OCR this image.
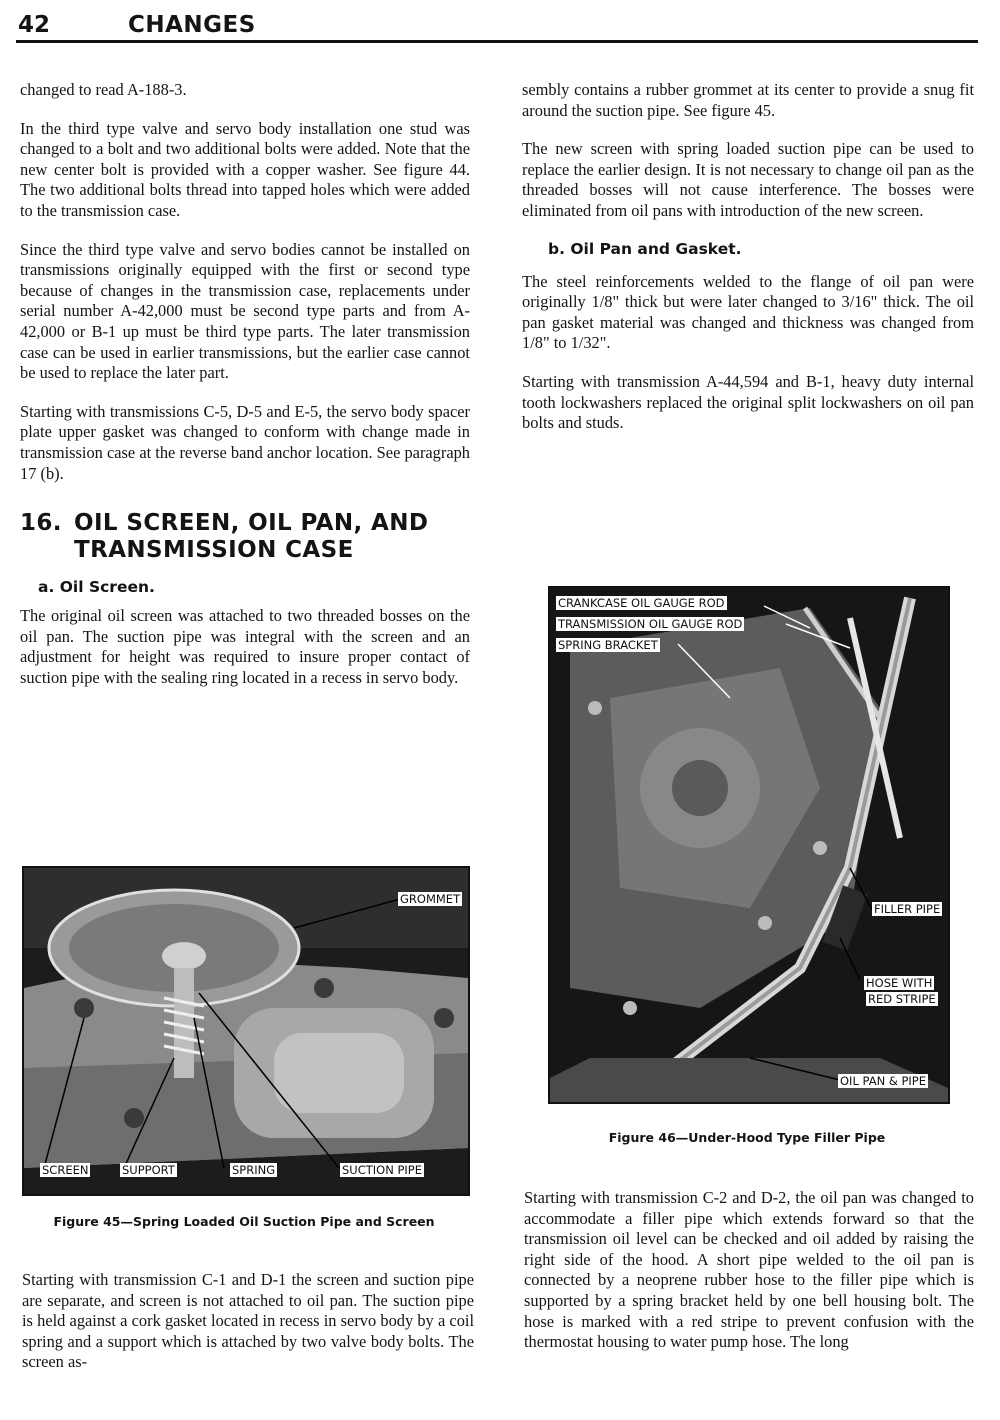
42	CHANGES

changed to read A-188-3.

In the third type valve and servo body installation one stud was changed to a bolt and two additional bolts were added. Note that the new center bolt is provided with a copper washer. See figure 44. The two additional bolts thread into tapped holes which were added to the transmission case.

Since the third type valve and servo bodies cannot be installed on transmissions originally equipped with the first or second type because of changes in the transmission case, replacements under serial number A-42,000 must be second type parts and from A-42,000 or B-1 up must be third type parts. The later transmission case can be used in earlier transmissions, but the earlier case cannot be used to replace the later part.

Starting with transmissions C-5, D-5 and E-5, the servo body spacer plate upper gasket was changed to conform with change made in transmission case at the reverse band anchor location. See paragraph 17 (b).

16. OIL SCREEN, OIL PAN, AND
TRANSMISSION CASE
a. Oil Screen.

The original oil screen was attached to two threaded bosses on the oil pan. The suction pipe was integral with the screen and an adjustment for height was required to insure proper contact of suction pipe with the sealing ring located in a recess in servo body.

GROMMET
SCREEN	SUPPORT	SPRING	SUCTION PIPE
Figure 45—Spring Loaded Oil Suction Pipe and Screen

Starting with transmission C-1 and D-1 the screen and suction pipe are separate, and screen is not attached to oil pan. The suction pipe is held against a cork gasket located in recess in servo body by a coil spring and a support which is attached by two valve body bolts. The screen as-

sembly contains a rubber grommet at its center to provide a snug fit around the suction pipe. See figure 45.

The new screen with spring loaded suction pipe can be used to replace the earlier design. It is not necessary to change oil pan as the threaded bosses will not cause interference. The bosses were eliminated from oil pans with introduction of the new screen.

b. Oil Pan and Gasket.

The steel reinforcements welded to the flange of oil pan were originally 1/8" thick but were later changed to 3/16" thick. The oil pan gasket material was changed and thickness was changed from 1/8" to 1/32".

Starting with transmission A-44,594 and B-1, heavy duty internal tooth lockwashers replaced the original split lockwashers on oil pan bolts and studs.

CRANKCASE OIL GAUGE ROD
TRANSMISSION OIL GAUGE ROD
SPRING BRACKET
FILLER PIPE
HOSE WITH
RED STRIPE
OIL PAN & PIPE
Figure 46—Under-Hood Type Filler Pipe

Starting with transmission C-2 and D-2, the oil pan was changed to accommodate a filler pipe which extends forward so that the transmission oil level can be checked and oil added by raising the right side of the hood. A short pipe welded to the oil pan is connected by a neoprene rubber hose to the filler pipe which is supported by a spring bracket held by one bell housing bolt. The hose is marked with a red stripe to prevent confusion with the thermostat housing to water pump hose. The long
